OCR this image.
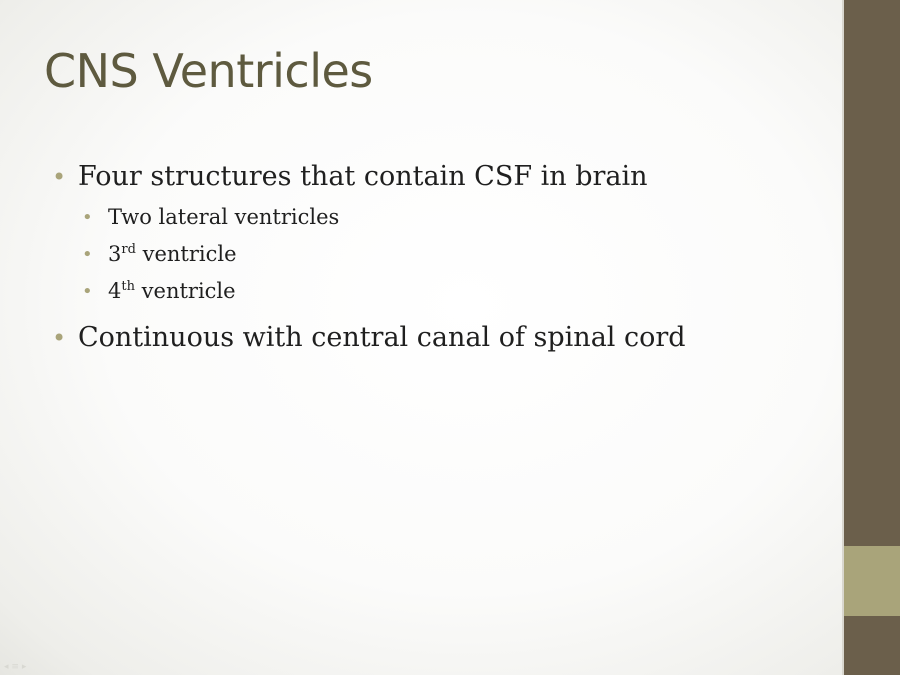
CNS Ventricles
• Four structures that contain CSF in brain
• Two lateral ventricles
• 3rd ventricle
• 4th ventricle
• Continuous with central canal of spinal cord
◂ ≡ ▸
